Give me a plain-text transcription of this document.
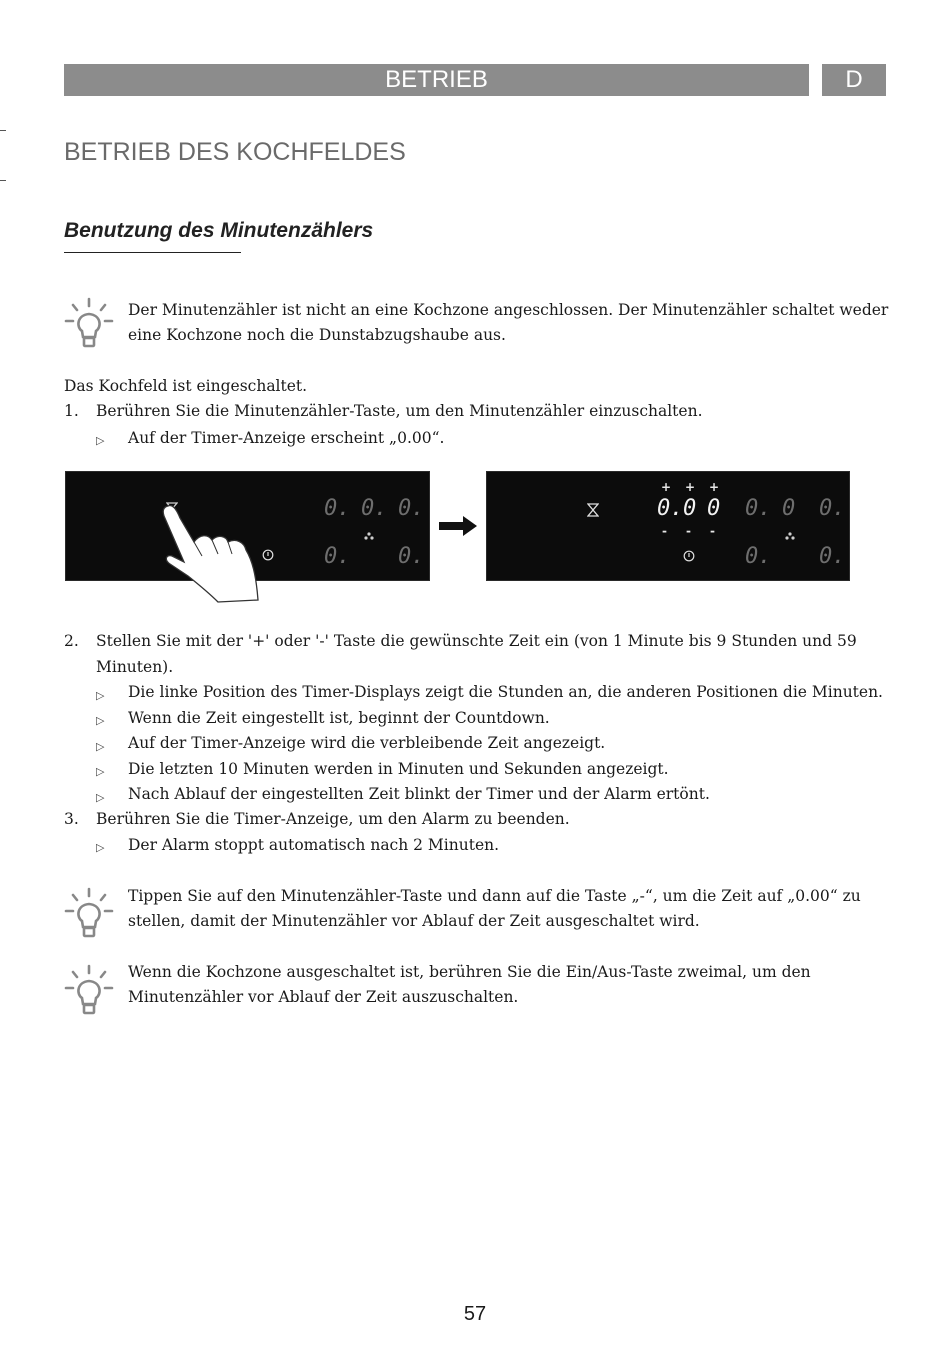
BETRIEB	D
BETRIEB DES KOCHFELDES
Benutzung des Minutenzählers

Der Minutenzähler ist nicht an eine Kochzone angeschlossen. Der Minutenzähler schaltet weder

eine Kochzone noch die Dunstabzugshaube aus.

Das Kochfeld ist eingeschaltet.

1. Berühren Sie die Minutenzähler-Taste, um den Minutenzähler einzuschalten.

▷ Auf der Timer-Anzeige erscheint „0.00“.

0. 0. 0.
0. 0.
+ + +
0. 0 0
- - -
0. 0 0.
0. 0.
2. Stellen Sie mit der '+' oder '-' Taste die gewünschte Zeit ein (von 1 Minute bis 9 Stunden und 59

Minuten).

▷ Die linke Position des Timer-Displays zeigt die Stunden an, die anderen Positionen die Minuten.

▷ Wenn die Zeit eingestellt ist, beginnt der Countdown.

▷ Auf der Timer-Anzeige wird die verbleibende Zeit angezeigt.

▷ Die letzten 10 Minuten werden in Minuten und Sekunden angezeigt.

▷ Nach Ablauf der eingestellten Zeit blinkt der Timer und der Alarm ertönt.

3. Berühren Sie die Timer-Anzeige, um den Alarm zu beenden.

▷ Der Alarm stoppt automatisch nach 2 Minuten.

Tippen Sie auf den Minutenzähler-Taste und dann auf die Taste „-“, um die Zeit auf „0.00“ zu

stellen, damit der Minutenzähler vor Ablauf der Zeit ausgeschaltet wird.

Wenn die Kochzone ausgeschaltet ist, berühren Sie die Ein/Aus-Taste zweimal, um den

Minutenzähler vor Ablauf der Zeit auszuschalten.

57
